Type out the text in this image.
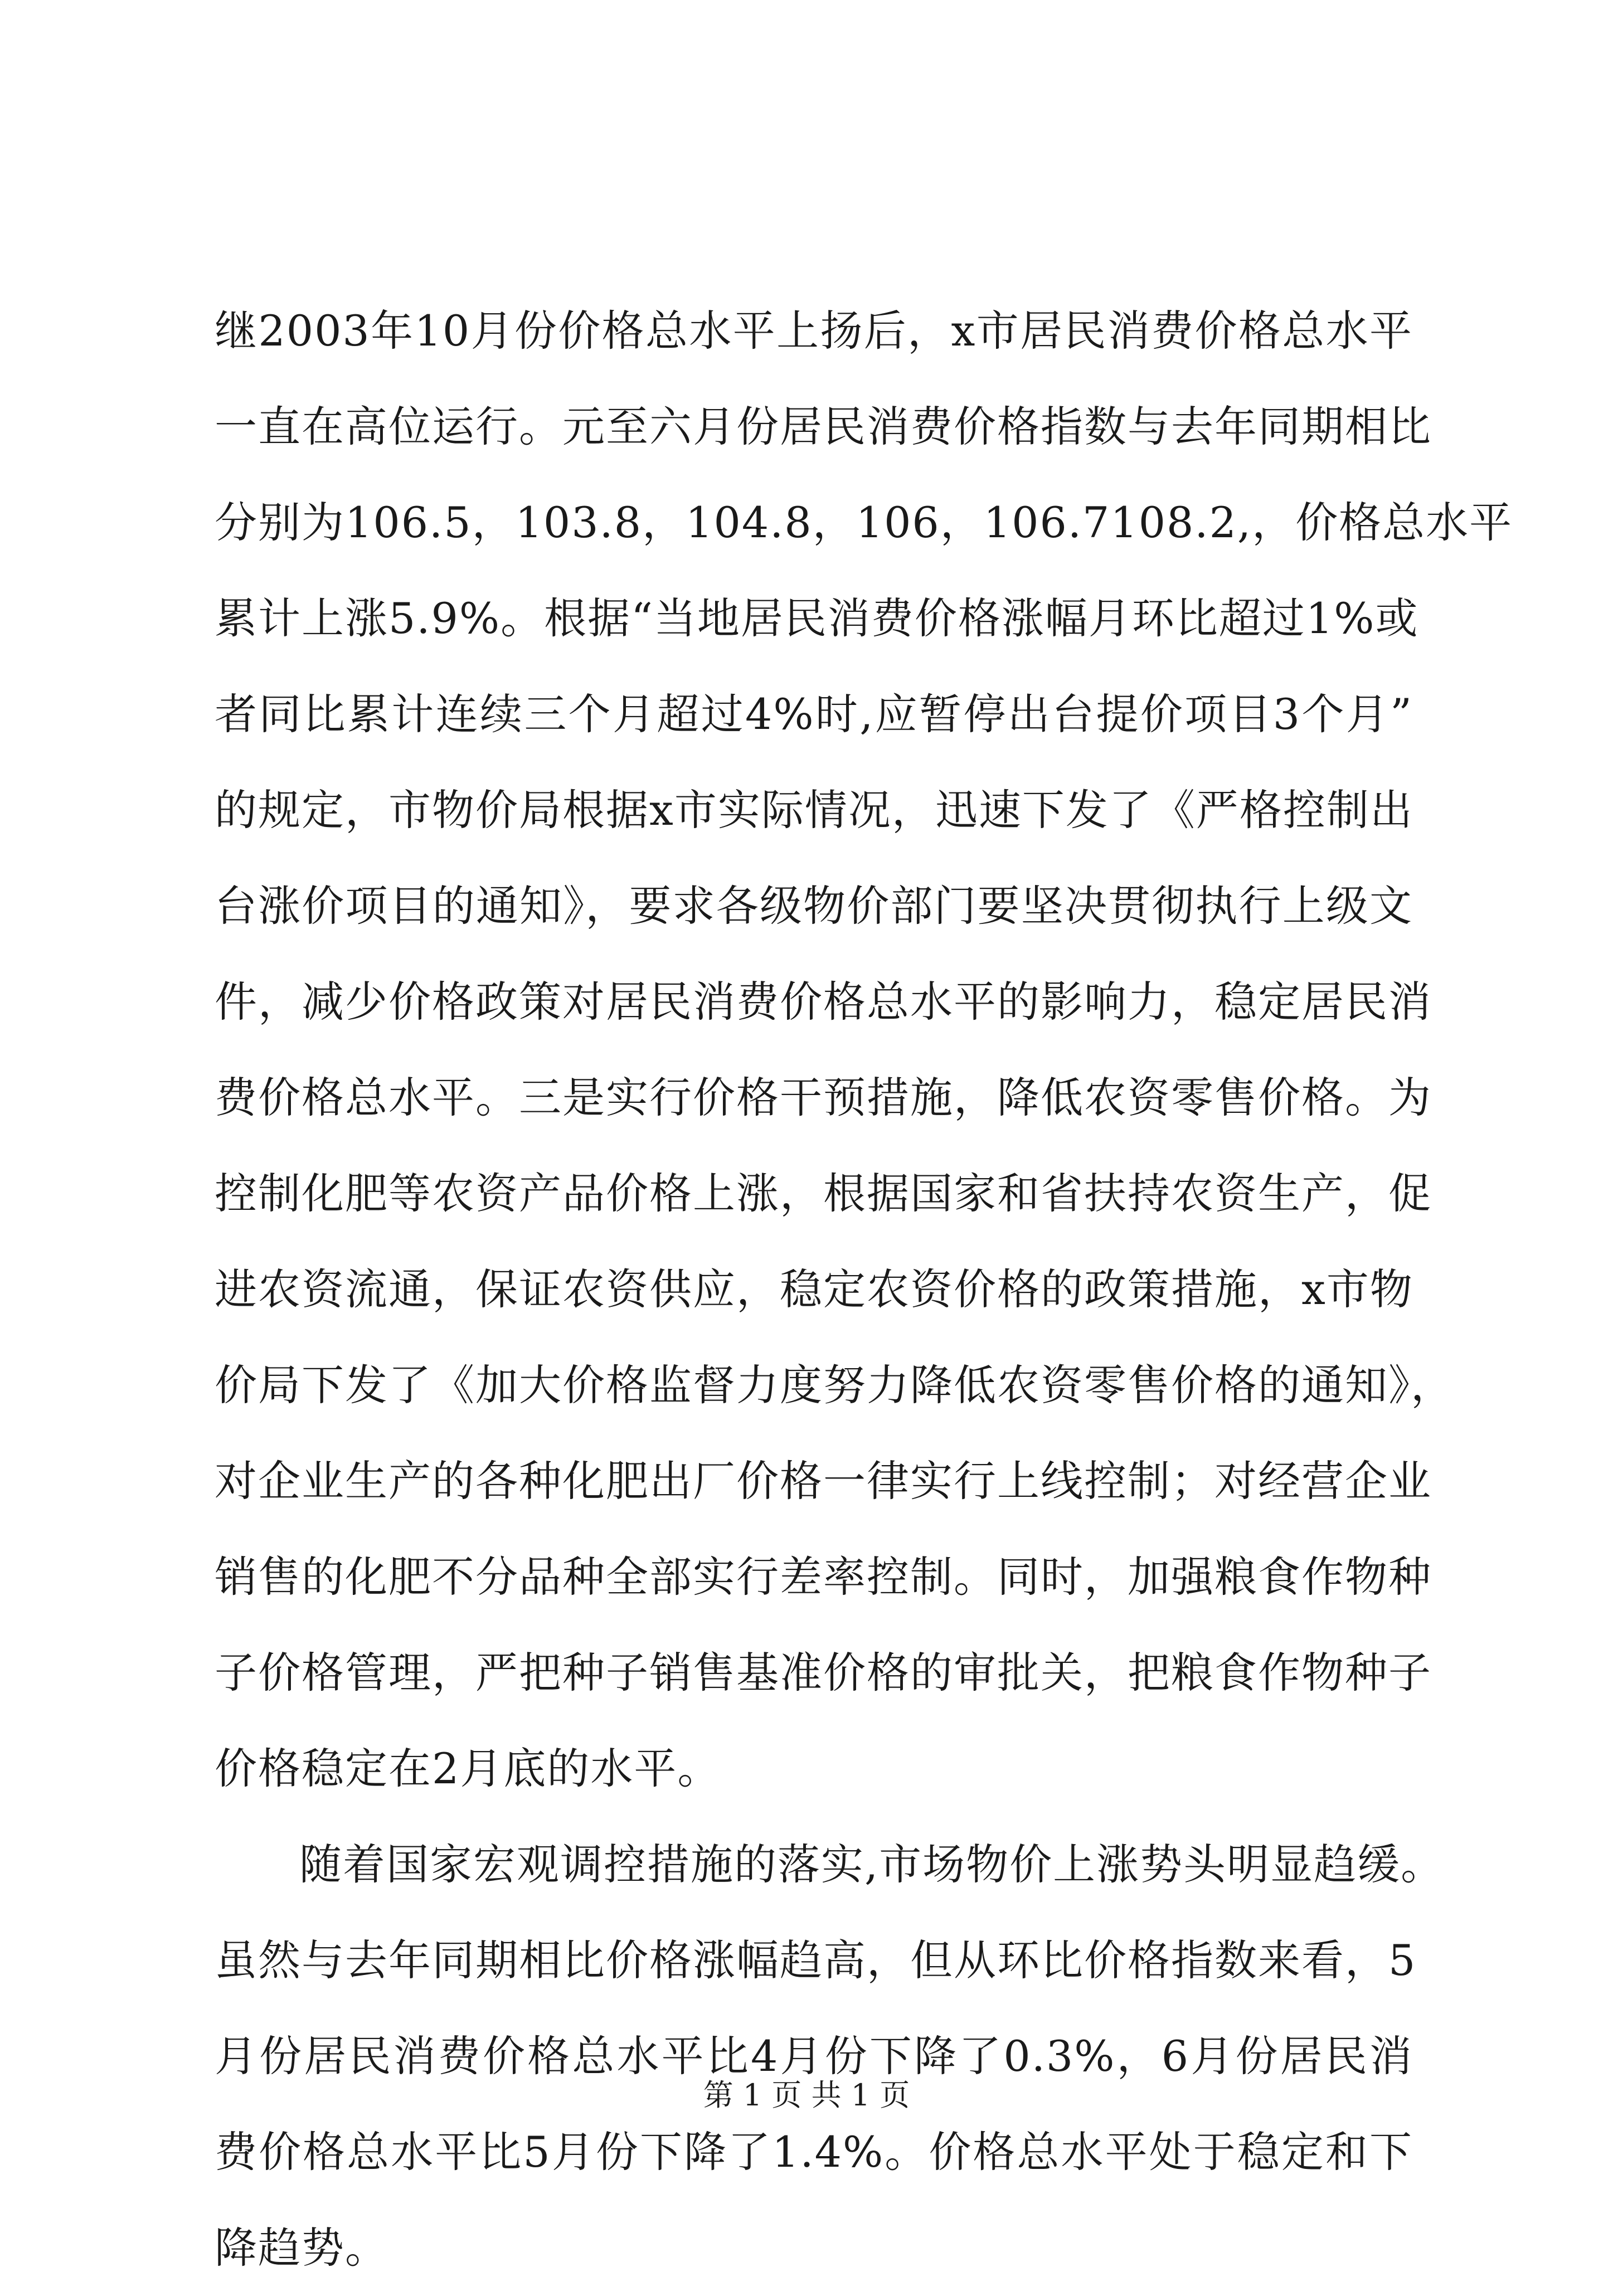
继2003年10月份价格总水平上扬后，x市居民消费价格总水平
一直在高位运行。元至六月份居民消费价格指数与去年同期相比
分别为106.5，103.8，104.8，106，106.7108.2,，价格总水平
累计上涨5.9%。根据“当地居民消费价格涨幅月环比超过1%或
者同比累计连续三个月超过4%时,应暂停出台提价项目3个月”
的规定，市物价局根据x市实际情况，迅速下发了《严格控制出
台涨价项目的通知》，要求各级物价部门要坚决贯彻执行上级文
件，减少价格政策对居民消费价格总水平的影响力，稳定居民消
费价格总水平。三是实行价格干预措施，降低农资零售价格。为
控制化肥等农资产品价格上涨，根据国家和省扶持农资生产，促
进农资流通，保证农资供应，稳定农资价格的政策措施，x市物
价局下发了《加大价格监督力度努力降低农资零售价格的通知》，
对企业生产的各种化肥出厂价格一律实行上线控制；对经营企业
销售的化肥不分品种全部实行差率控制。同时，加强粮食作物种
子价格管理，严把种子销售基准价格的审批关，把粮食作物种子
价格稳定在2月底的水平。
随着国家宏观调控措施的落实,市场物价上涨势头明显趋缓。
虽然与去年同期相比价格涨幅趋高，但从环比价格指数来看，5
月份居民消费价格总水平比4月份下降了0.3%，6月份居民消
费价格总水平比5月份下降了1.4%。价格总水平处于稳定和下
降趋势。
第 1 页 共 1 页
